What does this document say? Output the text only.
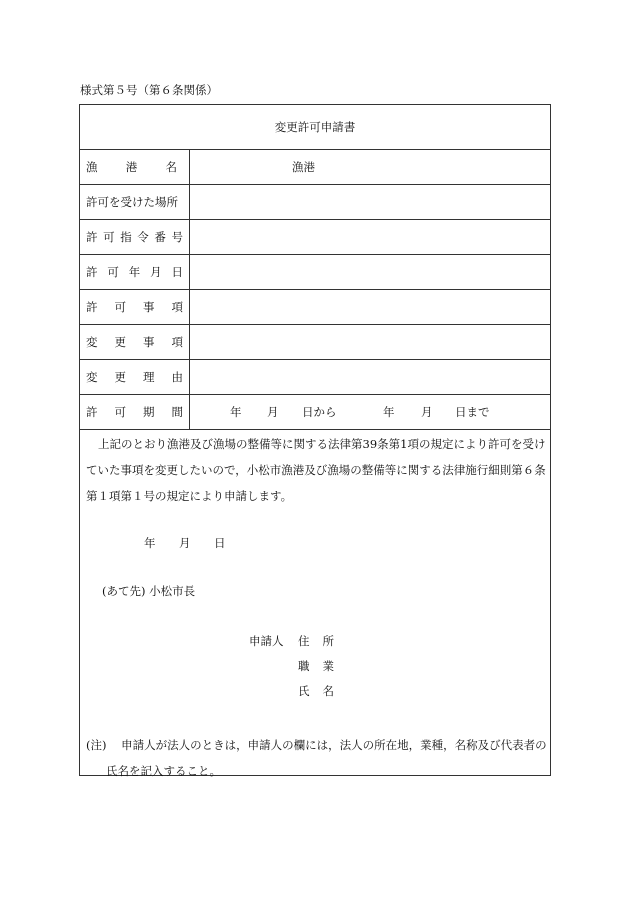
様式第５号（第６条関係）
変更許可申請書
漁 港 名	漁港
許可を受けた場所
許 可 指 令 番 号
許 可 年 月 日
許 可 事 項
変 更 事 項
変 更 理 由
許 可 期 間	年 月 日から	年 月 日まで
上記のとおり漁港及び漁場の整備等に関する法律第39条第1項の規定により許可を受け
ていた事項を変更したいので，小松市漁港及び漁場の整備等に関する法律施行細則第６条
第１項第１号の規定により申請します。
年 月 日
(あて先) 小松市長
申請人 住 所
職 業
氏 名
(注) 申請人が法人のときは，申請人の欄には，法人の所在地，業種，名称及び代表者の
氏名を記入すること。
